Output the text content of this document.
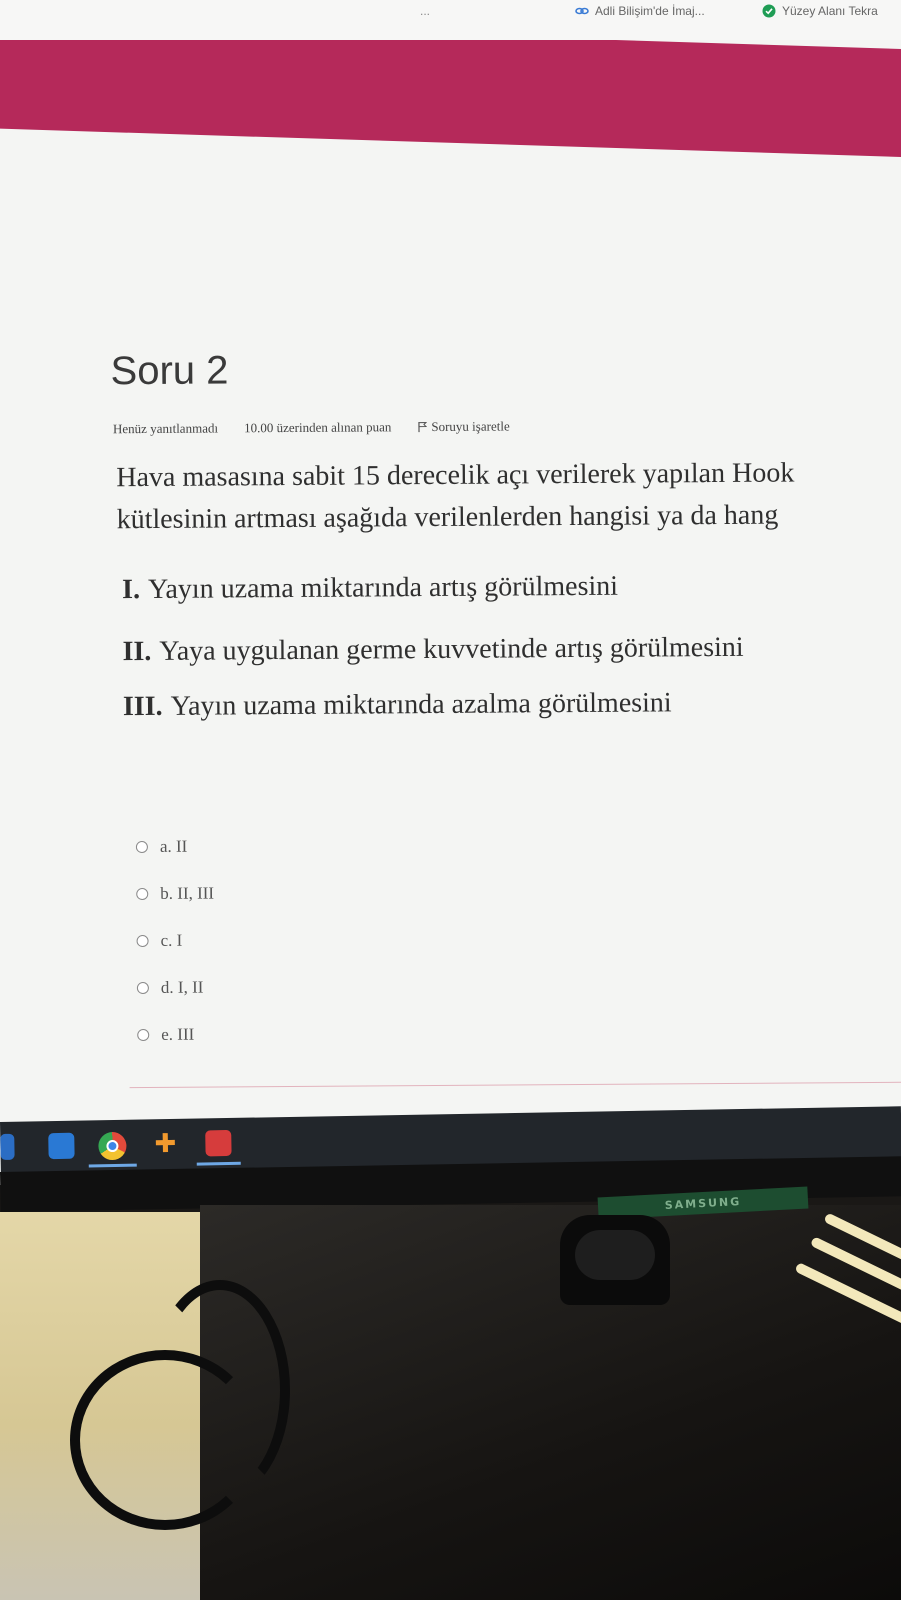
...	Adli Bilişim'de İmaj...	Yüzey Alanı Tekra
Soru 2
Henüz yanıtlanmadı 10.00 üzerinden alınan puan	Soruyu işaretle
Hava masasına sabit 15 derecelik açı verilerek yapılan Hook
kütlesinin artması aşağıda verilenlerden hangisi ya da hang

I. Yayın uzama miktarında artış görülmesini

II. Yaya uygulanan germe kuvvetinde artış görülmesini

III. Yayın uzama miktarında azalma görülmesini

a. II
b. II, III
c. I
d. I, II
e. III
✚
SAMSUNG
